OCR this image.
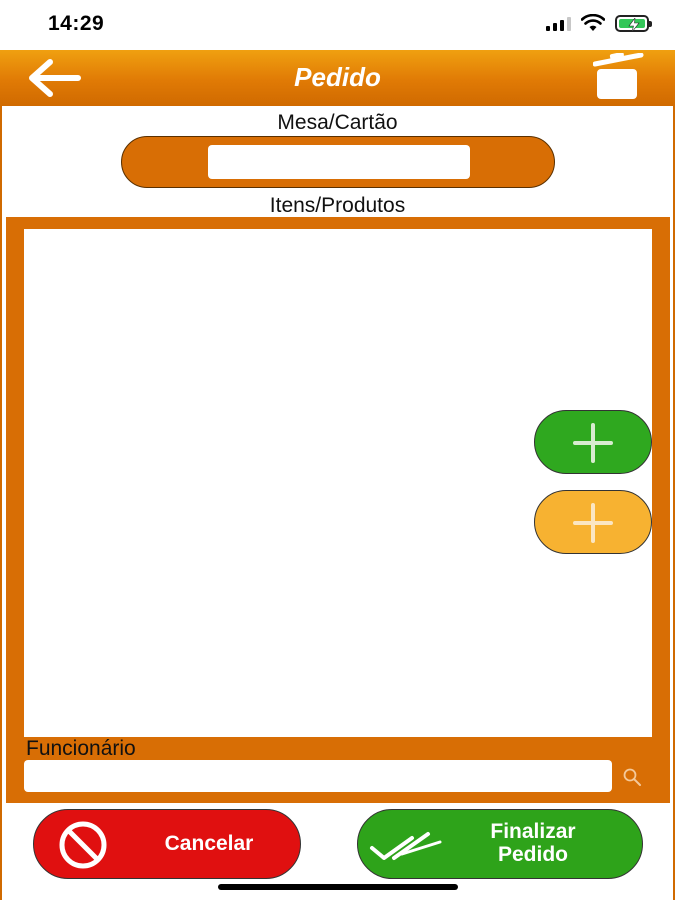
14:29
Pedido
Mesa/Cartão
Itens/Produtos
Funcionário
Cancelar
Finalizar
Pedido
